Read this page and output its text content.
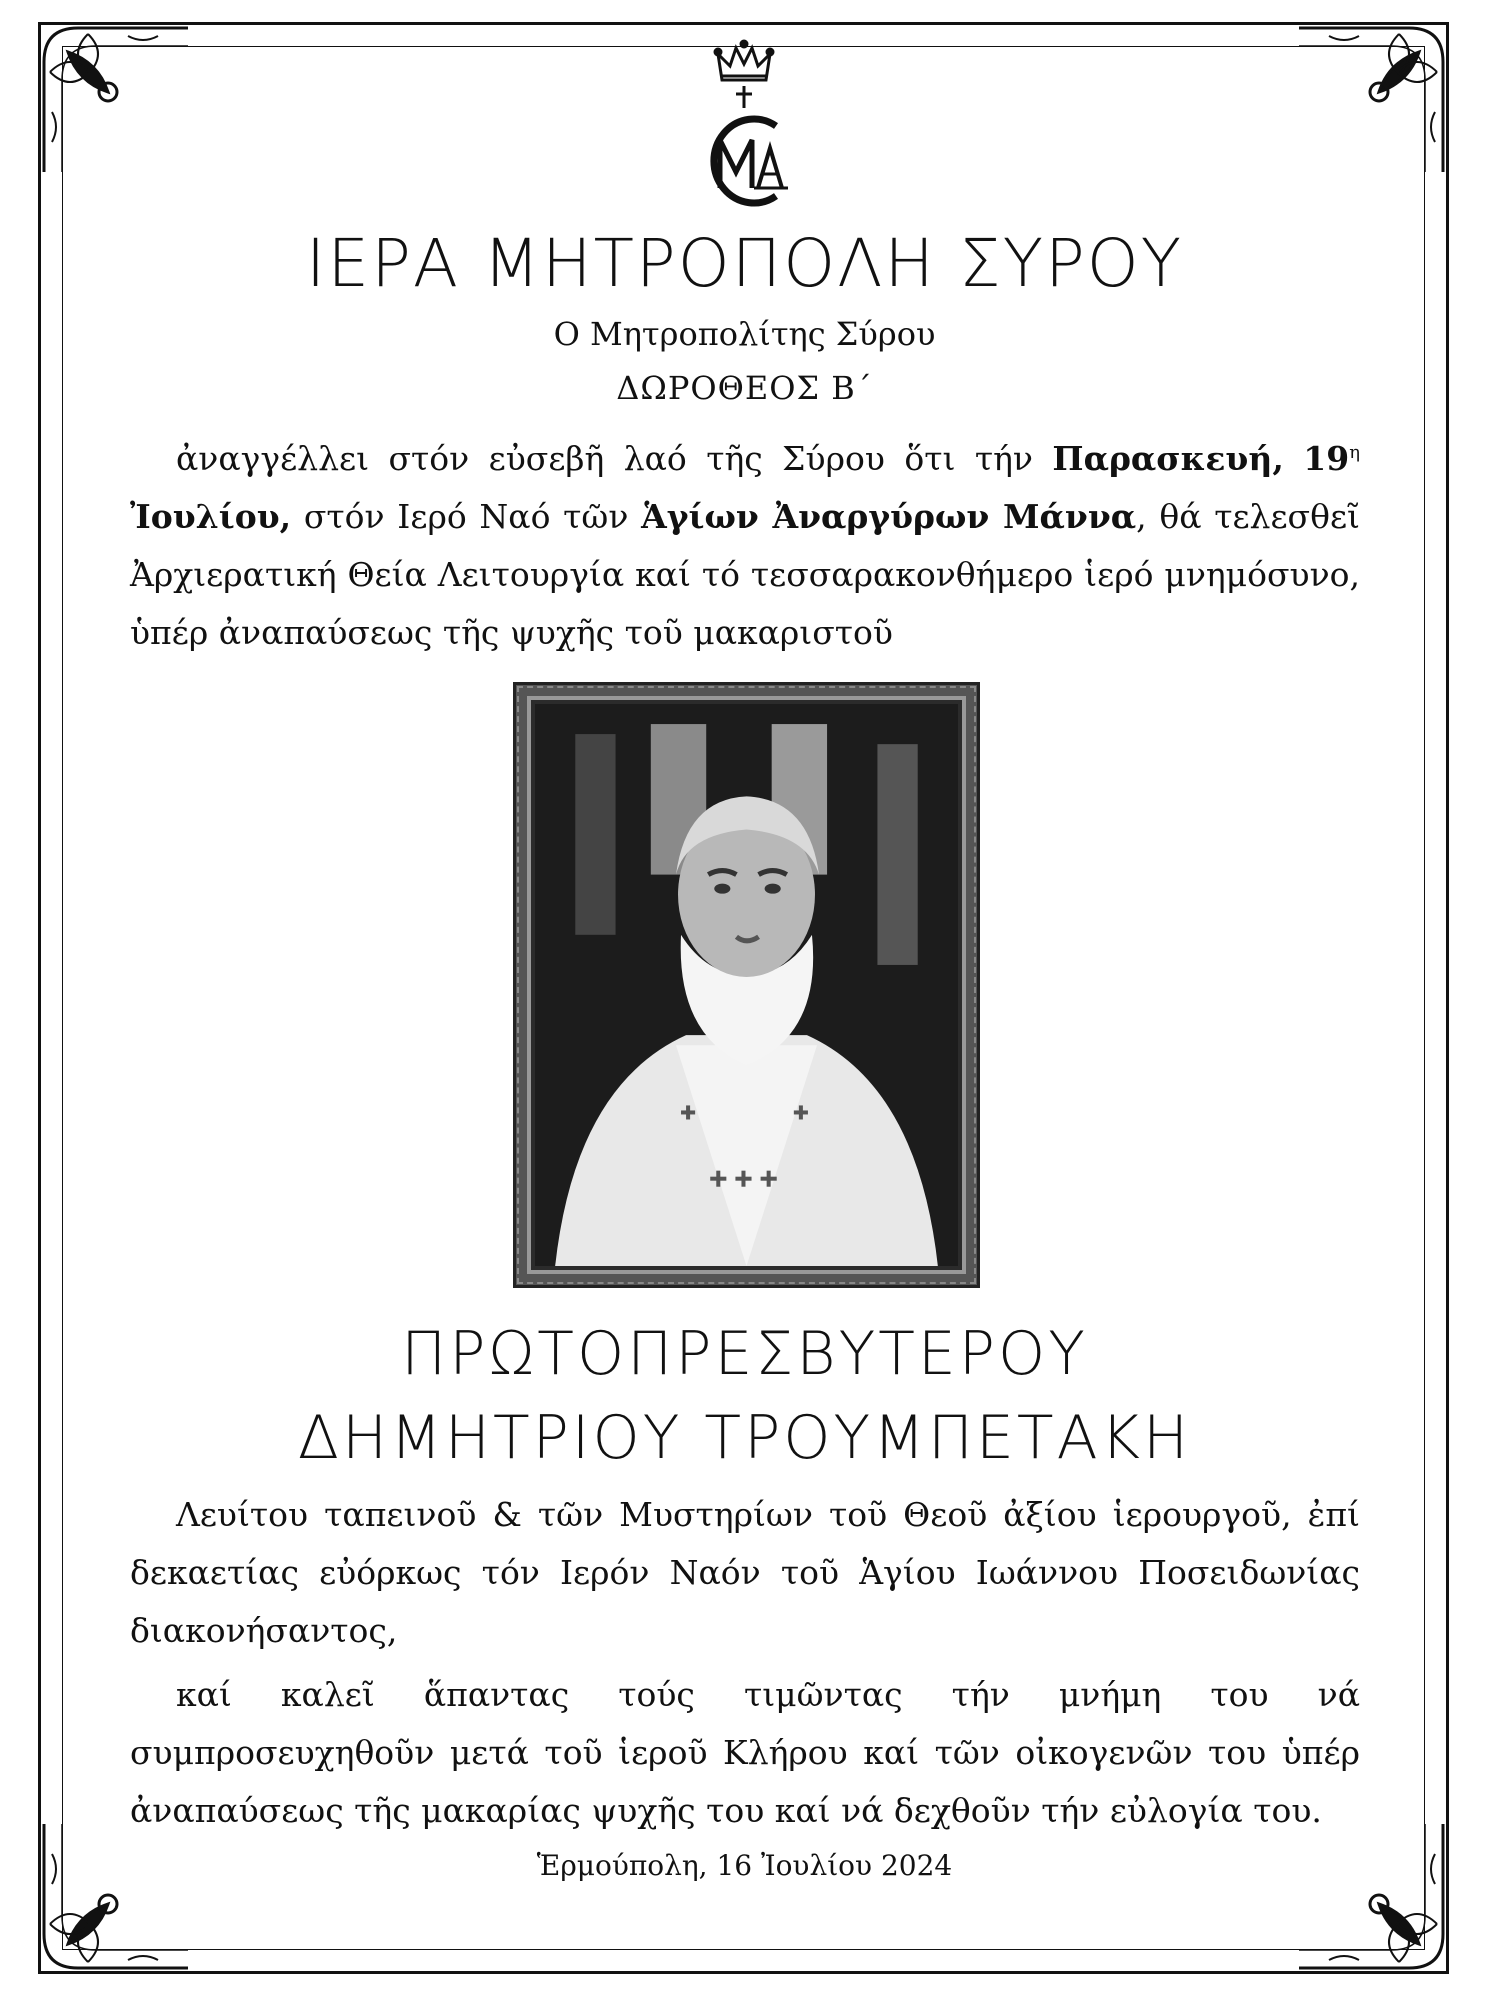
ΙΕΡΑ ΜΗΤΡΟΠΟΛΗ ΣΥΡΟΥ
Ο Μητροπολίτης Σύρου
ΔΩΡΟΘΕΟΣ Β΄

ἀναγγέλλει στόν εὐσεβῆ λαό τῆς Σύρου ὅτι τήν Παρασκευή, $19^\eta$ Ἰουλίου, στόν Ιερό Ναό τῶν Ἁγίων Ἀναργύρων Μάννα, θά τελεσθεῖ Ἀρχιερατική Θεία Λειτουργία καί τό τεσσαρακονθήμερο ἱερό μνημόσυνο, ὑπέρ ἀναπαύσεως τῆς ψυχῆς τοῦ μακαριστοῦ

ΠΡΩΤΟΠΡΕΣΒΥΤΕΡΟΥ
ΔΗΜΗΤΡΙΟΥ ΤΡΟΥΜΠΕΤΑΚΗ

Λευίτου ταπεινοῦ & τῶν Μυστηρίων τοῦ Θεοῦ ἀξίου ἱερουργοῦ, ἐπί δεκαετίας εὐόρκως τόν Ιερόν Ναόν τοῦ Ἁγίου Ιωάννου Ποσειδωνίας διακονήσαντος,

καί καλεῖ ἅπαντας τούς τιμῶντας τήν μνήμη του νά συμπροσευχηθοῦν μετά τοῦ ἱεροῦ Κλήρου καί τῶν οἰκογενῶν του ὑπέρ ἀναπαύσεως τῆς μακαρίας ψυχῆς του καί νά δεχθοῦν τήν εὐλογία του.

Ἑρμούπολη, 16 Ἰουλίου 2024
